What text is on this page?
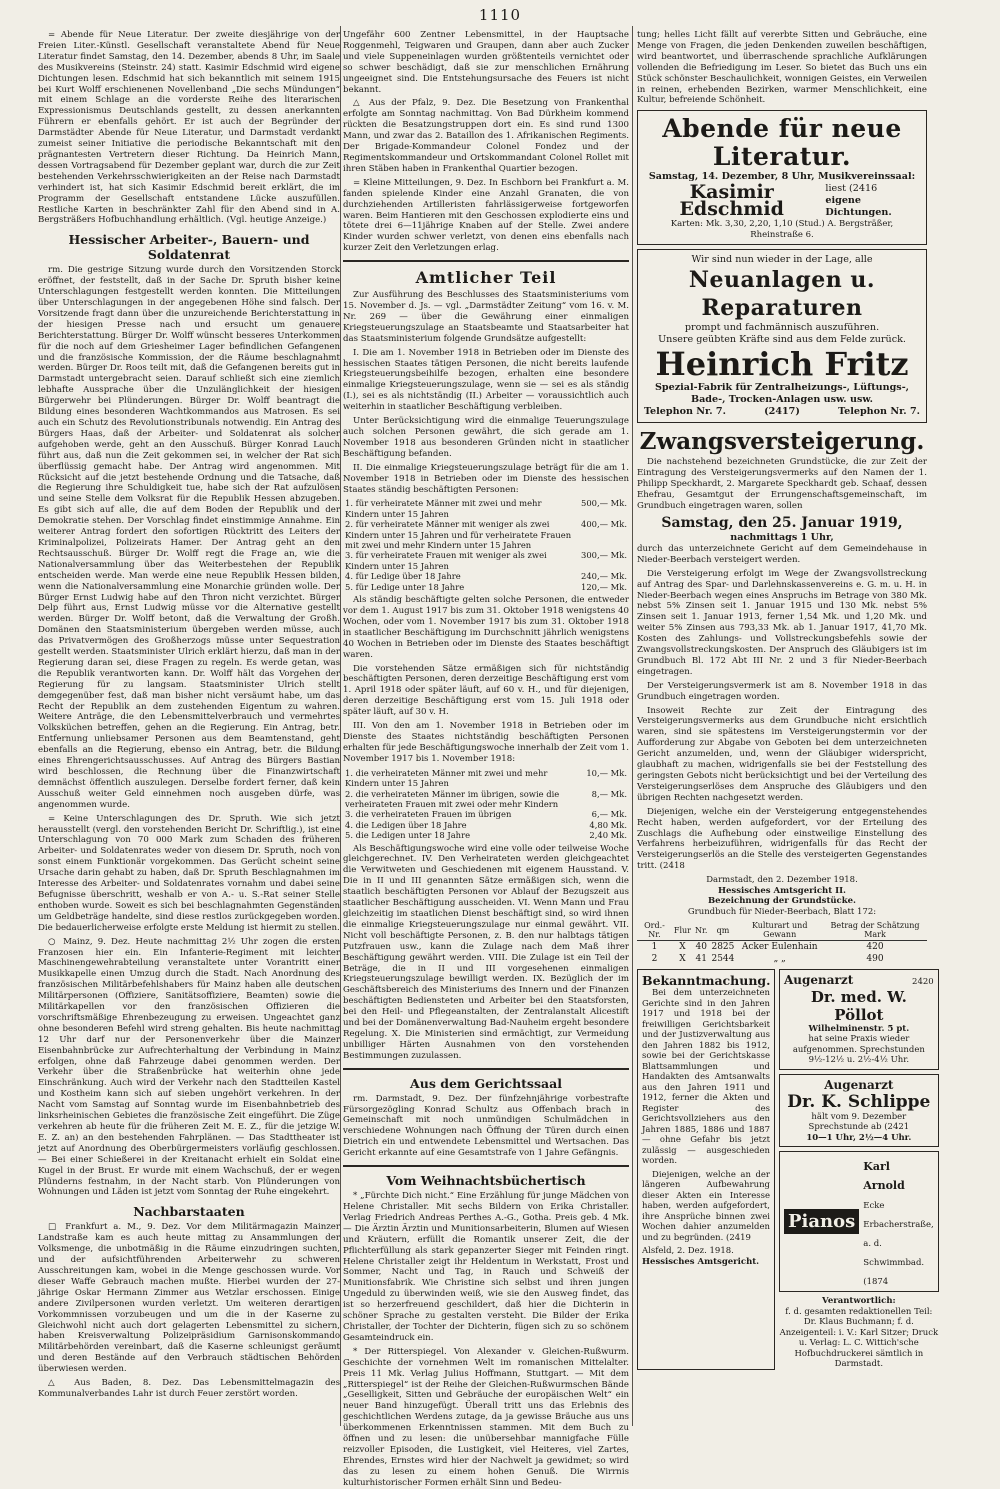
1110

= Abende für Neue Literatur. Der zweite diesjährige von der Freien Liter.-Künstl. Gesellschaft veranstaltete Abend für Neue Literatur findet Samstag, den 14. Dezember, abends 8 Uhr, im Saale des Musikvereins (Steinstr. 24) statt. Kasimir Edschmid wird eigene Dichtungen lesen. Edschmid hat sich bekanntlich mit seinem 1915 bei Kurt Wolff erschienenen Novellenband „Die sechs Mündungen“ mit einem Schlage an die vorderste Reihe des literarischen Expressionismus Deutschlands gestellt, zu dessen anerkannten Führern er ebenfalls gehört. Er ist auch der Begründer der Darmstädter Abende für Neue Literatur, und Darmstadt verdankt zumeist seiner Initiative die periodische Bekanntschaft mit den prägnantesten Vertretern dieser Richtung. Da Heinrich Mann, dessen Vortragsabend für Dezember geplant war, durch die zur Zeit bestehenden Verkehrsschwierigkeiten an der Reise nach Darmstadt verhindert ist, hat sich Kasimir Edschmid bereit erklärt, die im Programm der Gesellschaft entstandene Lücke auszufüllen. Restliche Karten in beschränkter Zahl für den Abend sind in A. Bergsträßers Hofbuchhandlung erhältlich. (Vgl. heutige Anzeige.)

Hessischer Arbeiter-, Bauern- und Soldatenrat

rm. Die gestrige Sitzung wurde durch den Vorsitzenden Storck eröffnet, der feststellt, daß in der Sache Dr. Spruth bisher keine Unterschlagungen festgestellt werden konnten. Die Mitteilungen über Unterschlagungen in der angegebenen Höhe sind falsch. Der Vorsitzende fragt dann über die unzureichende Berichterstattung in der hiesigen Presse nach und ersucht um genauere Berichterstattung. Bürger Dr. Wolff wünscht besseres Unterkommen für die noch auf dem Griesheimer Lager befindlichen Gefangenen und die französische Kommission, der die Räume beschlagnahmt werden. Bürger Dr. Roos teilt mit, daß die Gefangenen bereits gut in Darmstadt untergebracht seien. Darauf schließt sich eine ziemlich lebhafte Aussprache über die Unzulänglichkeit der hiesigen Bürgerwehr bei Plünderungen. Bürger Dr. Wolff beantragt die Bildung eines besonderen Wachtkommandos aus Matrosen. Es sei auch ein Schutz des Revolutionstribunals notwendig. Ein Antrag des Bürgers Haas, daß der Arbeiter- und Soldatenrat als solcher aufgehoben werde, geht an den Ausschuß. Bürger Konrad Lauch führt aus, daß nun die Zeit gekommen sei, in welcher der Rat sich überflüssig gemacht habe. Der Antrag wird angenommen. Mit Rücksicht auf die jetzt bestehende Ordnung und die Tatsache, daß die Regierung ihre Schuldigkeit tue, habe sich der Rat aufzulösen und seine Stelle dem Volksrat für die Republik Hessen abzugeben. Es gibt sich auf alle, die auf dem Boden der Republik und der Demokratie stehen. Der Vorschlag findet einstimmige Annahme. Ein weiterer Antrag fordert den sofortigen Rücktritt des Leiters der Kriminalpolizei, Polizeirats Hamer. Der Antrag geht an den Rechtsausschuß. Bürger Dr. Wolff regt die Frage an, wie die Nationalversammlung über das Weiterbestehen der Republik entscheiden werde. Man werde eine neue Republik Hessen bilden, wenn die Nationalversammlung eine Monarchie gründen wolle. Der Bürger Ernst Ludwig habe auf den Thron nicht verzichtet. Bürger Delp führt aus, Ernst Ludwig müsse vor die Alternative gestellt werden. Bürger Dr. Wolff betont, daß die Verwaltung der Großh. Domänen den Staatsministerium übergeben werden müsse, auch das Privatvermögen des Großherzogs müsse unter Sequestration gestellt werden. Staatsminister Ulrich erklärt hierzu, daß man in der Regierung daran sei, diese Fragen zu regeln. Es werde getan, was die Republik verantworten kann. Dr. Wolff hält das Vorgehen der Regierung für zu langsam. Staatsminister Ulrich stellt demgegenüber fest, daß man bisher nicht versäumt habe, um das Recht der Republik an dem zustehenden Eigentum zu wahren. Weitere Anträge, die den Lebensmittelverbrauch und vermehrtes Volksküchen betreffen, gehen an die Regierung. Ein Antrag, betr. Entfernung unliebsamer Personen aus dem Beamtenstand, geht ebenfalls an die Regierung, ebenso ein Antrag, betr. die Bildung eines Ehrengerichtsausschusses. Auf Antrag des Bürgers Bastian wird beschlossen, die Rechnung über die Finanzwirtschaft demnächst öffentlich auszulegen. Derselbe fordert ferner, daß kein Ausschuß weiter Geld einnehmen noch ausgeben dürfe, was angenommen wurde.

= Keine Unterschlagungen des Dr. Spruth. Wie sich jetzt herausstellt (vergl. den vorstehenden Bericht Dr. Schriftlig.), ist eine Unterschlagung von 70 000 Mark zum Schaden des früheren Arbeiter- und Soldatenrates weder von diesem Dr. Spruth, noch von sonst einem Funktionär vorgekommen. Das Gerücht scheint seine Ursache darin gehabt zu haben, daß Dr. Spruth Beschlagnahmen im Interesse des Arbeiter- und Soldatenrates vornahm und dabei seine Befugnisse überschritt, weshalb er von A.- u. S.-Rat seiner Stelle enthoben wurde. Soweit es sich bei beschlagnahmten Gegenständen um Geldbeträge handelte, sind diese restlos zurückgegeben worden. Die bedauerlicherweise erfolgte erste Meldung ist hiermit zu stellen.

○ Mainz, 9. Dez. Heute nachmittag 2½ Uhr zogen die ersten Franzosen hier ein. Ein Infanterie-Regiment mit leichter Maschinengewehrabteilung veranstaltete unter Vorantritt einer Musikkapelle einen Umzug durch die Stadt. Nach Anordnung des französischen Militärbefehlshabers für Mainz haben alle deutschen Militärpersonen (Offiziere, Sanitätsoffiziere, Beamten) sowie die Militärkapellen vor den französischen Offizieren die vorschriftsmäßige Ehrenbezeugung zu erweisen. Ungeachtet ganz ohne besonderen Befehl wird streng gehalten. Bis heute nachmittag 12 Uhr darf nur der Personenverkehr über die Mainzer Eisenbahnbrücke zur Aufrechterhaltung der Verbindung in Mainz erfolgen, ohne daß Fahrzeuge dabei genommen werden. Der Verkehr über die Straßenbrücke hat weiterhin ohne jede Einschränkung. Auch wird der Verkehr nach den Stadtteilen Kastel und Kostheim kann sich auf sieben ungehört verkehren. In der Nacht vom Samstag auf Sonntag wurde im Eisenbahnbetrieb des linksrheinischen Gebietes die französische Zeit eingeführt. Die Züge verkehren ab heute für die früheren Zeit M. E. Z., für die jetzige W. E. Z. an) an den bestehenden Fahrplänen. — Das Stadttheater ist jetzt auf Anordnung des Oberbürgermeisters vorläufig geschlossen. — Bei einer Schießerei in der Kreitanacht erhielt ein Soldat eine Kugel in der Brust. Er wurde mit einem Wachschuß, der er wegen Plünderns festnahm, in der Nacht starb. Von Plünderungen von Wohnungen und Läden ist jetzt vom Sonntag der Ruhe eingekehrt.

Nachbarstaaten

□ Frankfurt a. M., 9. Dez. Vor dem Militärmagazin Mainzer Landstraße kam es auch heute mittag zu Ansammlungen der Volksmenge, die unbotmäßig in die Räume einzudringen suchten, und der aufsichtführenden Arbeiterwehr zu schweren Ausschreitungen kam, wobei in die Menge geschossen wurde. Vor dieser Waffe Gebrauch machen mußte. Hierbei wurden der 27-jährige Oskar Hermann Zimmer aus Wetzlar erschossen. Einige andere Zivilpersonen wurden verletzt. Um weiteren derartigen Vorkommnissen vorzubeugen und um die in der Kaserne zu Gleichwohl nicht auch dort gelagerten Lebensmittel zu sichern, haben Kreisverwaltung Polizeipräsidium Garnisonskommando Militärbehörden vereinbart, daß die Kaserne schleunigst geräumt und deren Bestände auf den Verbrauch städtischen Behörden überwiesen werden.

△ Aus Baden, 8. Dez. Das Lebensmittelmagazin des Kommunalverbandes Lahr ist durch Feuer zerstört worden.

Ungefähr 600 Zentner Lebensmittel, in der Hauptsache Roggenmehl, Teigwaren und Graupen, dann aber auch Zucker und viele Suppeneinlagen wurden größtenteils vernichtet oder so schwer beschädigt, daß sie zur menschlichen Ernährung ungeeignet sind. Die Entstehungsursache des Feuers ist nicht bekannt.

△ Aus der Pfalz, 9. Dez. Die Besetzung von Frankenthal erfolgte am Sonntag nachmittag. Von Bad Dürkheim kommend rückten die Besatzungstruppen dort ein. Es sind rund 1300 Mann, und zwar das 2. Bataillon des 1. Afrikanischen Regiments. Der Brigade-Kommandeur Colonel Fondez und der Regimentskommandeur und Ortskommandant Colonel Rollet mit ihren Stäben haben in Frankenthal Quartier bezogen.

= Kleine Mitteilungen, 9. Dez. In Eschborn bei Frankfurt a. M. fanden spielende Kinder eine Anzahl Granaten, die von durchziehenden Artilleristen fahrlässigerweise fortgeworfen waren. Beim Hantieren mit den Geschossen explodierte eins und tötete drei 6—11jährige Knaben auf der Stelle. Zwei andere Kinder wurden schwer verletzt, von denen eins ebenfalls nach kurzer Zeit den Verletzungen erlag.

Amtlicher Teil

Zur Ausführung des Beschlusses des Staatsministeriums vom 15. November d. Js. — vgl. „Darmstädter Zeitung“ vom 16. v. M. Nr. 269 — über die Gewährung einer einmaligen Kriegsteuerungszulage an Staatsbeamte und Staatsarbeiter hat das Staatsministerium folgende Grundsätze aufgestellt:

I. Die am 1. November 1918 in Betrieben oder im Dienste des hessischen Staates tätigen Personen, die nicht bereits laufende Kriegsteuerungsbeihilfe bezogen, erhalten eine besondere einmalige Kriegsteuerungszulage, wenn sie — sei es als ständig (I.), sei es als nichtständig (II.) Arbeiter — voraussichtlich auch weiterhin in staatlicher Beschäftigung verbleiben.

Unter Berücksichtigung wird die einmalige Teuerungszulage auch solchen Personen gewährt, die sich gerade am 1. November 1918 aus besonderen Gründen nicht in staatlicher Beschäftigung befanden.

II. Die einmalige Kriegsteuerungszulage beträgt für die am 1. November 1918 in Betrieben oder im Dienste des hessischen Staates ständig beschäftigten Personen:

1. für verheiratete Männer mit zwei und mehr Kindern unter 15 Jahren	500,— Mk.
2. für verheiratete Männer mit weniger als zwei Kindern unter 15 Jahren und für verheiratete Frauen mit zwei und mehr Kindern unter 15 Jahren	400,— Mk.
3. für verheiratete Frauen mit weniger als zwei Kindern unter 15 Jahren	300,— Mk.
4. für Ledige über 18 Jahre	240,— Mk.
5. für Ledige unter 18 Jahre	120,— Mk.

Als ständig beschäftigte gelten solche Personen, die entweder vor dem 1. August 1917 bis zum 31. Oktober 1918 wenigstens 40 Wochen, oder vom 1. November 1917 bis zum 31. Oktober 1918 in staatlicher Beschäftigung im Durchschnitt jährlich wenigstens 40 Wochen in Betrieben oder im Dienste des Staates beschäftigt waren.

Die vorstehenden Sätze ermäßigen sich für nichtständig beschäftigten Personen, deren derzeitige Beschäftigung erst vom 1. April 1918 oder später läuft, auf 60 v. H., und für diejenigen, deren derzeitige Beschäftigung erst vom 15. Juli 1918 oder später läuft, auf 30 v. H.

III. Von den am 1. November 1918 in Betrieben oder im Dienste des Staates nichtständig beschäftigten Personen erhalten für jede Beschäftigungswoche innerhalb der Zeit vom 1. November 1917 bis 1. November 1918:

1. die verheirateten Männer mit zwei und mehr Kindern unter 15 Jahren	10,— Mk.
2. die verheirateten Männer im übrigen, sowie die verheirateten Frauen mit zwei oder mehr Kindern	8,— Mk.
3. die verheirateten Frauen im übrigen	6,— Mk.
4. die Ledigen über 18 Jahre	4,80 Mk.
5. die Ledigen unter 18 Jahre	2,40 Mk.

Als Beschäftigungswoche wird eine volle oder teilweise Woche gleichgerechnet. IV. Den Verheirateten werden gleichgeachtet die Verwitweten und Geschiedenen mit eigenem Hausstand. V. Die in II und III genannten Sätze ermäßigen sich, wenn die staatlich beschäftigten Personen vor Ablauf der Bezugszeit aus staatlicher Beschäftigung ausscheiden. VI. Wenn Mann und Frau gleichzeitig im staatlichen Dienst beschäftigt sind, so wird ihnen die einmalige Kriegsteuerungszulage nur einmal gewährt. VII. Nicht voll beschäftigte Personen, z. B. den nur halbtags tätigen Putzfrauen usw., kann die Zulage nach dem Maß ihrer Beschäftigung gewährt werden. VIII. Die Zulage ist ein Teil der Beträge, die in II und III vorgesehenen einmaligen Kriegsteuerungszulage bewilligt werden. IX. Bezüglich der im Geschäftsbereich des Ministeriums des Innern und der Finanzen beschäftigten Bediensteten und Arbeiter bei den Staatsforsten, bei den Heil- und Pflegeanstalten, der Zentralanstalt Alicestift und bei der Domänenverwaltung Bad-Nauheim ergeht besondere Regelung. X. Die Ministerien sind ermächtigt, zur Vermeidung unbilliger Härten Ausnahmen von den vorstehenden Bestimmungen zuzulassen.

Aus dem Gerichtssaal

rm. Darmstadt, 9. Dez. Der fünfzehnjährige vorbestrafte Fürsorgezögling Konrad Schultz aus Offenbach brach in Gemeinschaft mit noch unmündigen Schulmädchen in verschiedene Wohnungen nach Öffnung der Türen durch einen Dietrich ein und entwendete Lebensmittel und Wertsachen. Das Gericht erkannte auf eine Gesamtstrafe von 1 Jahre Gefängnis.

Vom Weihnachtsbüchertisch

* „Fürchte Dich nicht.“ Eine Erzählung für junge Mädchen von Helene Christaller. Mit sechs Bildern von Erika Christaller. Verlag Friedrich Andreas Perthes A.-G., Gotha. Preis geb. 4 Mk. — Die Ärztin Ärztin und Munitionsarbeiterin, Blumen auf Wiesen und Kräutern, erfüllt die Romantik unserer Zeit, die der Pflichterfüllung als stark gepanzerter Sieger mit Feinden ringt. Helene Christaller zeigt ihr Heldentum in Werkstatt, Frost und Sommer, Nacht und Tag, in Rauch und Schweiß der Munitionsfabrik. Wie Christine sich selbst und ihren jungen Ungeduld zu überwinden weiß, wie sie den Ausweg findet, das ist so herzerfreuend geschildert, daß hier die Dichterin in schöner Sprache zu gestalten versteht. Die Bilder der Erika Christaller, der Tochter der Dichterin, fügen sich zu so schönem Gesamteindruck ein.

* Der Ritterspiegel. Von Alexander v. Gleichen-Rußwurm. Geschichte der vornehmen Welt im romanischen Mittelalter. Preis 11 Mk. Verlag Julius Hoffmann, Stuttgart. — Mit dem „Ritterspiegel“ ist der Reihe der Gleichen-Rußwurmschen Bände „Geselligkeit, Sitten und Gebräuche der europäischen Welt“ ein neuer Band hinzugefügt. Überall tritt uns das Erlebnis des geschichtlichen Werdens zutage, da ja gewisse Bräuche aus uns überkommenen Erkenntnissen stammen. Mit dem Buch zu öffnen und zu lesen: die unübersehbar mannigfache Fülle reizvoller Episoden, die Lustigkeit, viel Heiteres, viel Zartes, Ehrendes, Ernstes wird hier der Nachwelt ja gewidmet; so wird das zu lesen zu einem hohen Genuß. Die Wirrnis kulturhistorischer Formen erhält Sinn und Bedeu-

tung; helles Licht fällt auf vererbte Sitten und Gebräuche, eine Menge von Fragen, die jeden Denkenden zuweilen beschäftigen, wird beantwortet, und überraschende sprachliche Aufklärungen vollenden die Befriedigung im Leser. So bietet das Buch uns ein Stück schönster Beschaulichkeit, wonnigen Geistes, ein Verweilen in reinen, erhebenden Bezirken, warmer Menschlichkeit, eine Kultur, befreiende Schönheit.

Abende für neue Literatur.
Samstag, 14. Dezember, 8 Uhr, Musikvereinssaal:
Kasimir Edschmid
liest (2416
eigene Dichtungen.
Karten: Mk. 3,30, 2,20, 1,10 (Stud.) A. Bergsträßer, Rheinstraße 6.
Wir sind nun wieder in der Lage, alle
Neuanlagen u. Reparaturen
prompt und fachmännisch auszuführen.
Unsere geübten Kräfte sind aus dem Felde zurück.
Heinrich Fritz
Spezial-Fabrik für Zentralheizungs-, Lüftungs-, Bade-, Trocken-Anlagen usw. usw.
Telephon Nr. 7.	(2417)	Telephon Nr. 7.
Zwangsversteigerung.

Die nachstehend bezeichneten Grundstücke, die zur Zeit der Eintragung des Versteigerungsvermerks auf den Namen der 1. Philipp Speckhardt, 2. Margarete Speckhardt geb. Schaaf, dessen Ehefrau, Gesamtgut der Errungenschaftsgemeinschaft, im Grundbuch eingetragen waren, sollen

Samstag, den 25. Januar 1919,
nachmittags 1 Uhr,

durch das unterzeichnete Gericht auf dem Gemeindehause in Nieder-Beerbach versteigert werden.

Die Versteigerung erfolgt im Wege der Zwangsvollstreckung auf Antrag des Spar- und Darlehnskassenvereins e. G. m. u. H. in Nieder-Beerbach wegen eines Anspruchs im Betrage von 380 Mk. nebst 5% Zinsen seit 1. Januar 1915 und 130 Mk. nebst 5% Zinsen seit 1. Januar 1913, ferner 1,54 Mk. und 1,20 Mk. und weiter 5% Zinsen aus 793,33 Mk. ab 1. Januar 1917, 41,70 Mk. Kosten des Zahlungs- und Vollstreckungsbefehls sowie der Zwangsvollstreckungskosten. Der Anspruch des Gläubigers ist im Grundbuch Bl. 172 Abt III Nr. 2 und 3 für Nieder-Beerbach eingetragen.

Der Versteigerungsvermerk ist am 8. November 1918 in das Grundbuch eingetragen worden.

Insoweit Rechte zur Zeit der Eintragung des Versteigerungsvermerks aus dem Grundbuche nicht ersichtlich waren, sind sie spätestens im Versteigerungstermin vor der Aufforderung zur Abgabe von Geboten bei dem unterzeichneten Gericht anzumelden, und, wenn der Gläubiger widerspricht, glaubhaft zu machen, widrigenfalls sie bei der Feststellung des geringsten Gebots nicht berücksichtigt und bei der Verteilung des Versteigerungserlöses dem Anspruche des Gläubigers und den übrigen Rechten nachgesetzt werden.

Diejenigen, welche ein der Versteigerung entgegenstehendes Recht haben, werden aufgefordert, vor der Erteilung des Zuschlags die Aufhebung oder einstweilige Einstellung des Verfahrens herbeizuführen, widrigenfalls für das Recht der Versteigerungserlös an die Stelle des versteigerten Gegenstandes tritt. (2418

Darmstadt, den 2. Dezember 1918.
Hessisches Amtsgericht II.
Bezeichnung der Grundstücke.
Grundbuch für Nieder-Beerbach, Blatt 172:
Ord.-Nr.	Flur	Nr.	qm	Kulturart und Gewann	Betrag der Schätzung Mark
1	X	40	2825	Acker Eulenhain	420
2	X	41	2544	„ „	490
Bekanntmachung.

Bei dem unterzeichneten Gerichte sind in den Jahren 1917 und 1918 bei der freiwilligen Gerichtsbarkeit und der Justizverwaltung aus den Jahren 1882 bis 1912, sowie bei der Gerichtskasse Blattsammlungen und Handakten des Amtsanwalts aus den Jahren 1911 und 1912, ferner die Akten und Register des Gerichtsvollziehers aus den Jahren 1885, 1886 und 1887 — ohne Gefahr bis jetzt zulässig — ausgeschieden worden.

Diejenigen, welche an der längeren Aufbewahrung dieser Akten ein Interesse haben, werden aufgefordert, ihre Ansprüche binnen zwei Wochen dahier anzumelden und zu begründen. (2419

Alsfeld, 2. Dez. 1918.
Hessisches Amtsgericht.
Augenarzt	2420
Dr. med. W. Pöllot
Wilhelminenstr. 5 pt.
hat seine Praxis wieder aufgenommen. Sprechstunden 9½-12½ u. 2½-4½ Uhr.
Augenarzt
Dr. K. Schlippe
hält vom 9. Dezember Sprechstunde ab (2421
10—1 Uhr, 2½—4 Uhr.
Pianos
Karl Arnold
Ecke Erbacherstraße, a. d. Schwimmbad. (1874
Verantwortlich:
f. d. gesamten redaktionellen Teil: Dr. Klaus Buchmann; f. d. Anzeigenteil: i. V.: Karl Sitzer; Druck u. Verlag: L. C. Wittich'sche Hofbuchdruckerei sämtlich in Darmstadt.
